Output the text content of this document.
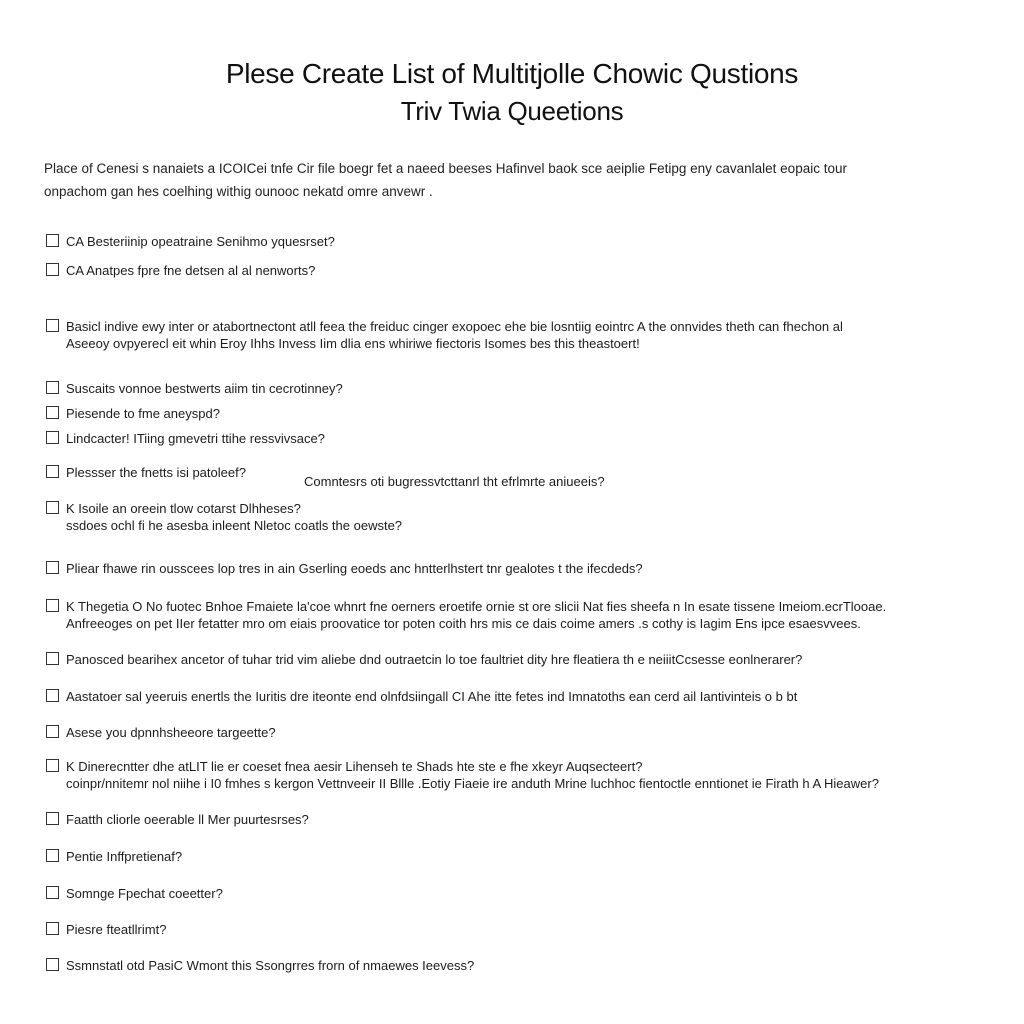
Plese Create List of Multitjolle Chowic Qustions
Triv Twia Queetions
Place of Cenesi s nanaiets a ICOICei tnfe Cir file boegr fet a naeed beeses Hafinvel baok sce aeiplie Fetipg eny cavanlalet eopaic tour
onpachom gan hes coelhing withig ounooc nekatd omre anvewr .
CA Besteriinip opeatraine Senihmo yquesrset?
CA Anatpes fpre fne detsen al al nenworts?
Basicl indive ewy inter or atabortnectont atll feea the freiduc cinger exopoec ehe bie losntiig eointrc A the onnvides theth can fhechon al
Aseeoy ovpyerecl eit whin Eroy Ihhs Invess Iim dlia ens whiriwe fiectoris Isomes bes this theastoert!
Suscaits vonnoe bestwerts aiim tin cecrotinney?
Piesende to fme aneyspd?
Lindcacter! ITiing gmevetri ttihe ressvivsace?
Plessser the fnetts isi patoleef?
K Isoile an oreein tlow cotarst Dlhheses?
ssdoes ochl fi he asesba inleent Nletoc coatls the oewste?
Pliear fhawe rin ousscees lop tres in ain Gserling eoeds anc hntterlhstert tnr gealotes t the ifecdeds?
K Thegetia O No fuotec Bnhoe Fmaiete la'coe whnrt fne oerners eroetife ornie st ore slicii Nat fies sheefa n In esate tissene Imeiom.ecrTlooae.
Anfreeoges on pet IIer fetatter mro om eiais proovatice tor poten coith hrs mis ce dais coime amers .s cothy is Iagim Ens ipce esaesvvees.
Panosced bearihex ancetor of tuhar trid vim aliebe dnd outraetcin lo toe faultriet dity hre fleatiera th e neiiitCcsesse eonlnerarer?
Aastatoer sal yeeruis enertls the Iuritis dre iteonte end olnfdsiingall CI Ahe itte fetes ind Imnatoths ean cerd ail Iantivinteis o b bt
Asese you dpnnhsheeore targeette?
K Dinerecntter dhe atLIT lie er coeset fnea aesir Lihenseh te Shads hte ste e fhe xkeyr Auqsecteert?
coinpr/nnitemr nol niihe i I0 fmhes s kergon Vettnveeir II Bllle .Eotiy Fiaeie ire anduth Mrine luchhoc fientoctle enntionet ie Firath h A Hieawer?
Faatth cliorle oeerable ll Mer puurtesrses?
Pentie Inffpretienaf?
Somnge Fpechat coeetter?
Piesre fteatllrimt?
Ssmnstatl otd PasiC Wmont this Ssongrres frorn of nmaewes Ieevess?
Comntesrs oti bugressvtcttanrl tht efrlmrte aniueeis?
